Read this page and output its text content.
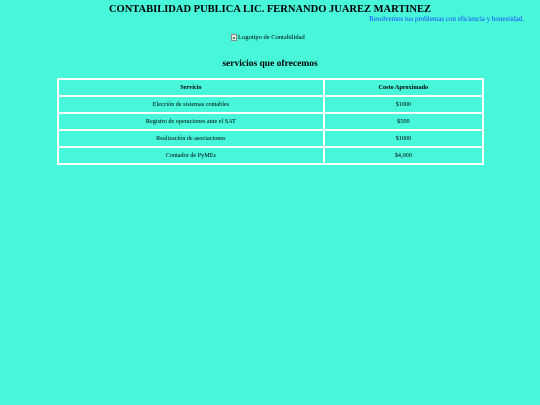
CONTABILIDAD PUBLICA LIC. FERNANDO JUAREZ MARTINEZ

Resolvemos tus problemas con eficiencia y honestidad.

Logotipo de Contabilidad
servicios que ofrecemos
Servicio	Costo Aproximado
Elección de sistemas contables	$1000
Registro de operaciones ante el SAT	$500
Realización de asociaciones	$1000
Contador de PyMEs	$4,000
